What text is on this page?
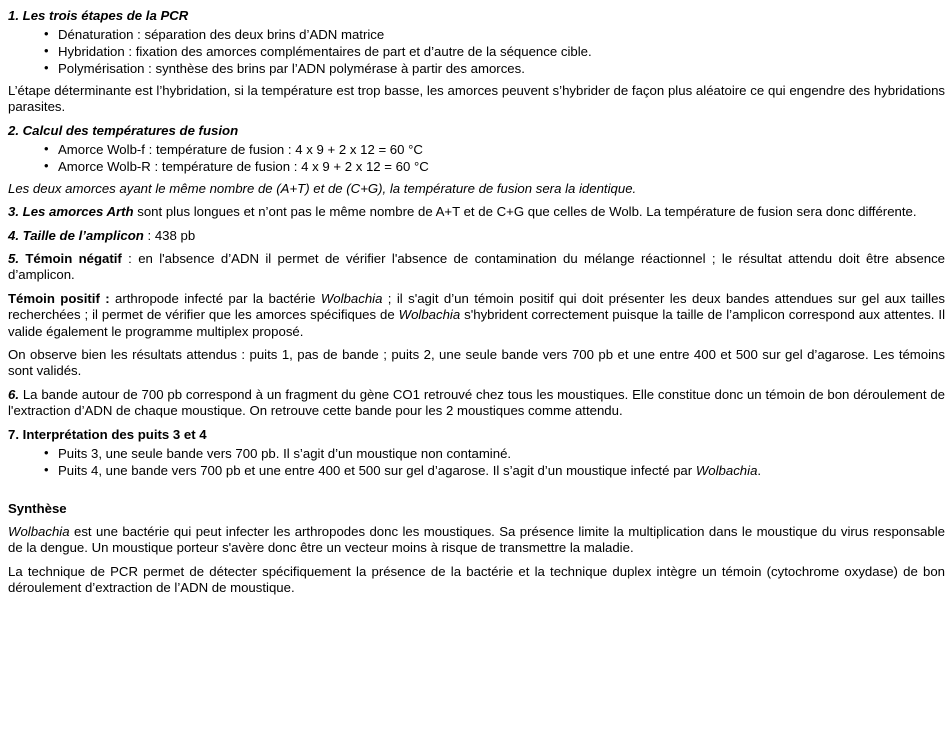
1. Les trois étapes de la PCR
• Dénaturation : séparation des deux brins d’ADN matrice
• Hybridation : fixation des amorces complémentaires de part et d’autre de la séquence cible.
• Polymérisation : synthèse des brins par l’ADN polymérase à partir des amorces.

L’étape déterminante est l’hybridation, si la température est trop basse, les amorces peuvent s’hybrider de façon plus aléatoire ce qui engendre des hybridations parasites.

2. Calcul des températures de fusion
• Amorce Wolb-f : température de fusion : 4 x 9 + 2 x 12 = 60 °C
• Amorce Wolb-R : température de fusion : 4 x 9 + 2 x 12 = 60 °C

Les deux amorces ayant le même nombre de (A+T) et de (C+G), la température de fusion sera la identique.

3. Les amorces Arth sont plus longues et n’ont pas le même nombre de A+T et de C+G que celles de Wolb. La température de fusion sera donc différente.

4. Taille de l’amplicon : 438 pb

5. Témoin négatif : en l'absence d’ADN il permet de vérifier l'absence de contamination du mélange réactionnel ; le résultat attendu doit être absence d’amplicon.

Témoin positif : arthropode infecté par la bactérie Wolbachia ; il s'agit d’un témoin positif qui doit présenter les deux bandes attendues sur gel aux tailles recherchées ; il permet de vérifier que les amorces spécifiques de Wolbachia s'hybrident correctement puisque la taille de l’amplicon correspond aux attentes. Il valide également le programme multiplex proposé.

On observe bien les résultats attendus : puits 1, pas de bande ; puits 2, une seule bande vers 700 pb et une entre 400 et 500 sur gel d’agarose. Les témoins sont validés.

6. La bande autour de 700 pb correspond à un fragment du gène CO1 retrouvé chez tous les moustiques. Elle constitue donc un témoin de bon déroulement de l'extraction d’ADN de chaque moustique. On retrouve cette bande pour les 2 moustiques comme attendu.

7. Interprétation des puits 3 et 4
• Puits 3, une seule bande vers 700 pb. Il s’agit d’un moustique non contaminé.
• Puits 4, une bande vers 700 pb et une entre 400 et 500 sur gel d’agarose. Il s’agit d’un moustique infecté par Wolbachia.
Synthèse

Wolbachia est une bactérie qui peut infecter les arthropodes donc les moustiques. Sa présence limite la multiplication dans le moustique du virus responsable de la dengue. Un moustique porteur s'avère donc être un vecteur moins à risque de transmettre la maladie.

La technique de PCR permet de détecter spécifiquement la présence de la bactérie et la technique duplex intègre un témoin (cytochrome oxydase) de bon déroulement d’extraction de l’ADN de moustique.
